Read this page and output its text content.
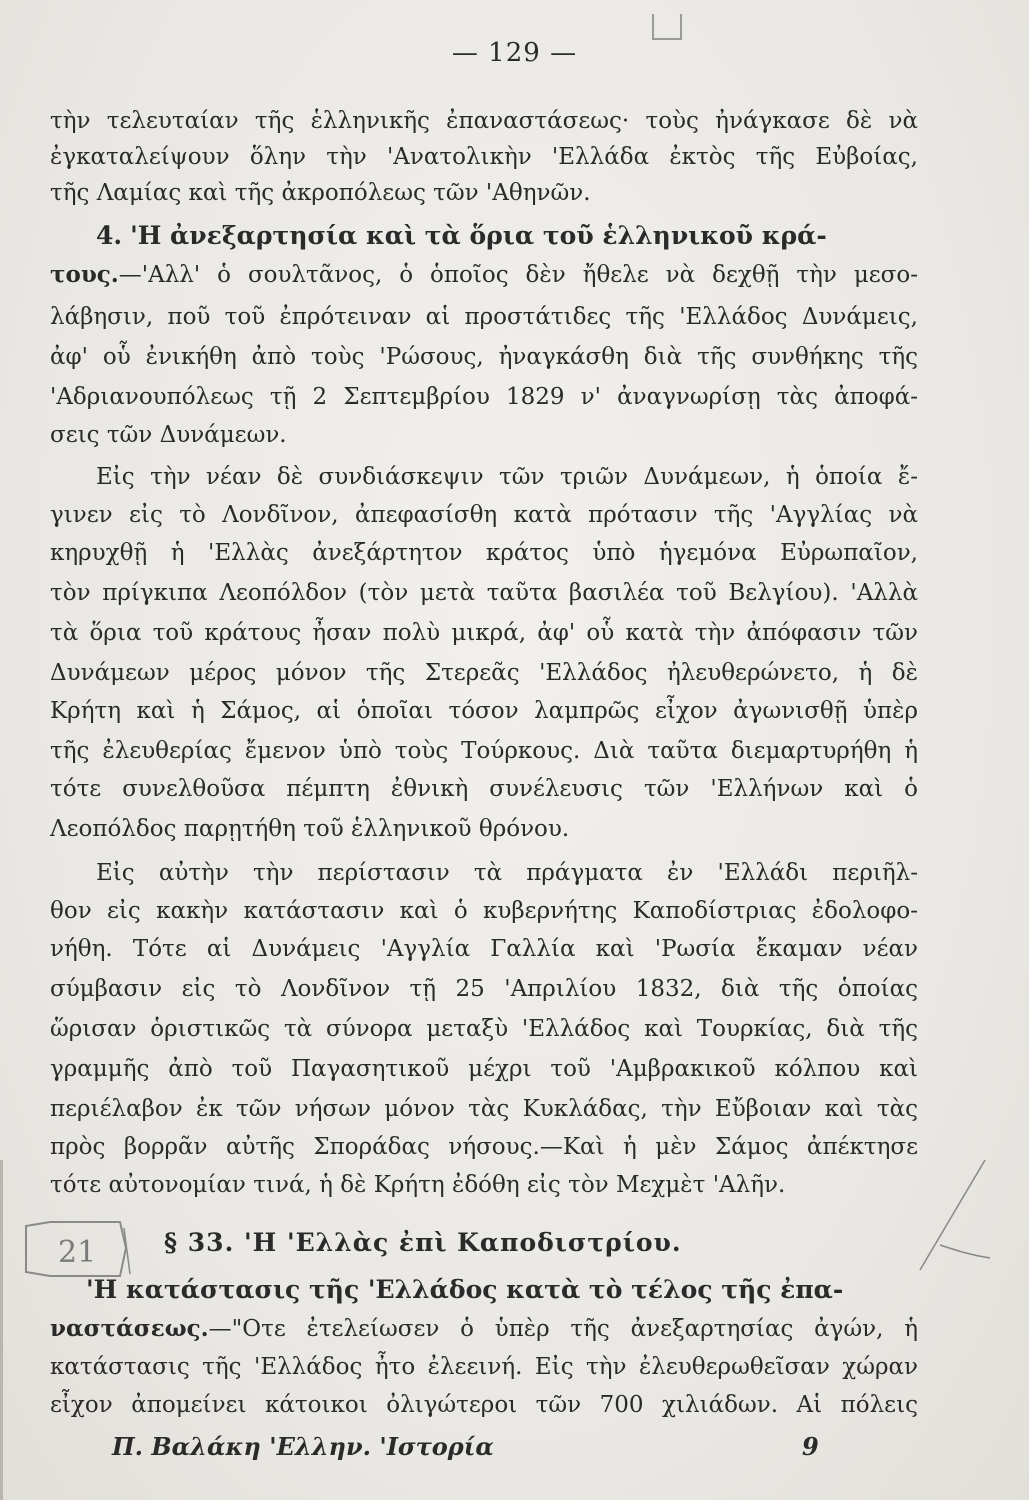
— 129 —
τὴν τελευταίαν τῆς ἑλληνικῆς ἐπαναστάσεως· τοὺς ἠνάγκασε δὲ νὰ
ἐγκαταλείψουν ὅλην τὴν 'Ανατολικὴν 'Ελλάδα ἐκτὸς τῆς Εὐβοίας,
τῆς Λαμίας καὶ τῆς ἀκροπόλεως τῶν 'Αθηνῶν.
4. 'Η ἀνεξαρτησία καὶ τὰ ὅρια τοῦ ἑλληνικοῦ κρά-
τους.—'Αλλ' ὁ σουλτᾶνος, ὁ ὁποῖος δὲν ἤθελε νὰ δεχθῇ τὴν μεσο-
λάβησιν, ποῦ τοῦ ἐπρότειναν αἱ προστάτιδες τῆς 'Ελλάδος Δυνάμεις,
ἀφ' οὗ ἐνικήθη ἀπὸ τοὺς 'Ρώσους, ἠναγκάσθη διὰ τῆς συνθήκης τῆς
'Αδριανουπόλεως τῇ 2 Σεπτεμβρίου 1829 ν' ἀναγνωρίσῃ τὰς ἀποφά-
σεις τῶν Δυνάμεων.
Εἰς τὴν νέαν δὲ συνδιάσκεψιν τῶν τριῶν Δυνάμεων, ἡ ὁποία ἔ-
γινεν εἰς τὸ Λονδῖνον, ἀπεφασίσθη κατὰ πρότασιν τῆς 'Αγγλίας νὰ
κηρυχθῇ ἡ 'Ελλὰς ἀνεξάρτητον κράτος ὑπὸ ἡγεμόνα Εὐρωπαῖον,
τὸν πρίγκιπα Λεοπόλδον (τὸν μετὰ ταῦτα βασιλέα τοῦ Βελγίου). 'Αλλὰ
τὰ ὅρια τοῦ κράτους ἦσαν πολὺ μικρά, ἀφ' οὗ κατὰ τὴν ἀπόφασιν τῶν
Δυνάμεων μέρος μόνον τῆς Στερεᾶς 'Ελλάδος ἠλευθερώνετο, ἡ δὲ
Κρήτη καὶ ἡ Σάμος, αἱ ὁποῖαι τόσον λαμπρῶς εἶχον ἀγωνισθῇ ὑπὲρ
τῆς ἐλευθερίας ἔμενον ὑπὸ τοὺς Τούρκους. Διὰ ταῦτα διεμαρτυρήθη ἡ
τότε συνελθοῦσα πέμπτη ἐθνικὴ συνέλευσις τῶν 'Ελλήνων καὶ ὁ
Λεοπόλδος παρῃτήθη τοῦ ἑλληνικοῦ θρόνου.
Εἰς αὐτὴν τὴν περίστασιν τὰ πράγματα ἐν 'Ελλάδι περιῆλ-
θον εἰς κακὴν κατάστασιν καὶ ὁ κυβερνήτης Καποδίστριας ἐδολοφο-
νήθη. Τότε αἱ Δυνάμεις 'Αγγλία Γαλλία καὶ 'Ρωσία ἔκαμαν νέαν
σύμβασιν εἰς τὸ Λονδῖνον τῇ 25 'Απριλίου 1832, διὰ τῆς ὁποίας
ὥρισαν ὁριστικῶς τὰ σύνορα μεταξὺ 'Ελλάδος καὶ Τουρκίας, διὰ τῆς
γραμμῆς ἀπὸ τοῦ Παγασητικοῦ μέχρι τοῦ 'Αμβρακικοῦ κόλπου καὶ
περιέλαβον ἐκ τῶν νήσων μόνον τὰς Κυκλάδας, τὴν Εὔβοιαν καὶ τὰς
πρὸς βορρᾶν αὐτῆς Σποράδας νήσους.—Καὶ ἡ μὲν Σάμος ἀπέκτησε
τότε αὐτονομίαν τινά, ἡ δὲ Κρήτη ἐδόθη εἰς τὸν Μεχμὲτ 'Αλῆν.
§ 33. 'Η 'Ελλὰς ἐπὶ Καποδιστρίου.
'Η κατάστασις τῆς 'Ελλάδος κατὰ τὸ τέλος τῆς ἐπα-
ναστάσεως.—"Οτε ἐτελείωσεν ὁ ὑπὲρ τῆς ἀνεξαρτησίας ἀγών, ἡ
κατάστασις τῆς 'Ελλάδος ἦτο ἐλεεινή. Εἰς τὴν ἐλευθερωθεῖσαν χώραν
εἶχον ἀπομείνει κάτοικοι ὀλιγώτεροι τῶν 700 χιλιάδων. Αἱ πόλεις
Π. Βαλάκη 'Ελλην. 'Ιστορία	9
21
